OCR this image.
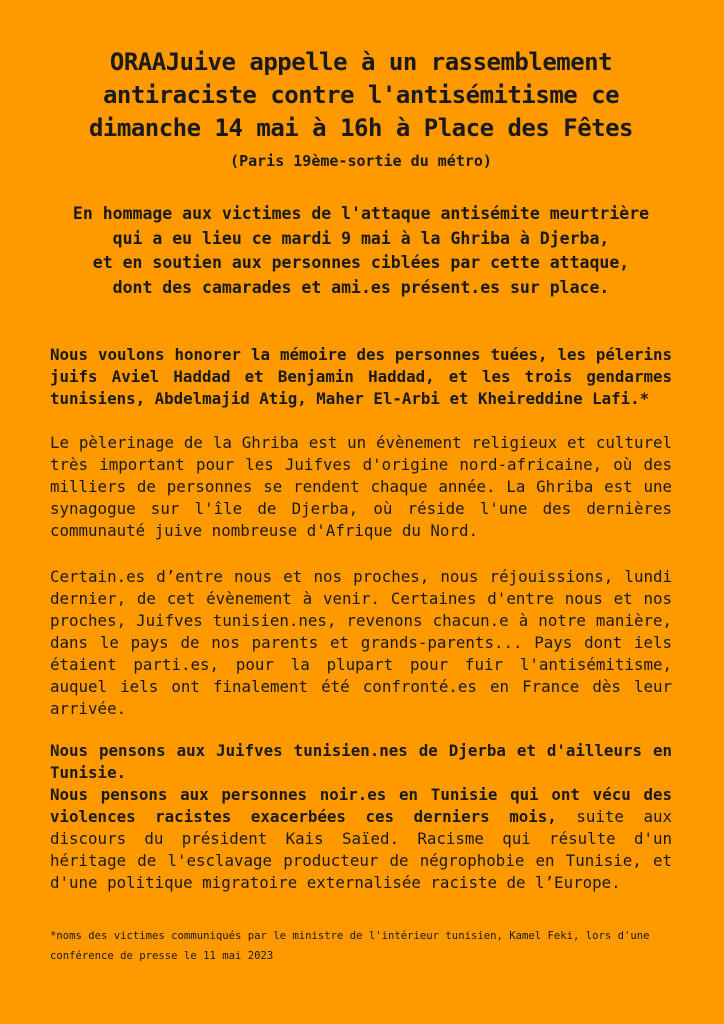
ORAAJuive appelle à un rassemblement
antiraciste contre l'antisémitisme ce
dimanche 14 mai à 16h à Place des Fêtes
(Paris 19ème-sortie du métro)
En hommage aux victimes de l'attaque antisémite meurtrière
qui a eu lieu ce mardi 9 mai à la Ghriba à Djerba,
et en soutien aux personnes ciblées par cette attaque,
dont des camarades et ami.es présent.es sur place.

Nous voulons honorer la mémoire des personnes tuées, les pélerins juifs Aviel Haddad et Benjamin Haddad, et les trois gendarmes tunisiens, Abdelmajid Atig, Maher El-Arbi et Kheireddine Lafi.*

Le pèlerinage de la Ghriba est un évènement religieux et culturel très important pour les Juifves d'origine nord-africaine, où des milliers de personnes se rendent chaque année. La Ghriba est une synagogue sur l'île de Djerba, où réside l'une des dernières communauté juive nombreuse d'Afrique du Nord.

Certain.es d’entre nous et nos proches, nous réjouissions, lundi dernier, de cet évènement à venir. Certaines d'entre nous et nos proches, Juifves tunisien.nes, revenons chacun.e à notre manière, dans le pays de nos parents et grands-parents... Pays dont iels étaient parti.es, pour la plupart pour fuir l'antisémitisme, auquel iels ont finalement été confronté.es en France dès leur arrivée.

Nous pensons aux Juifves tunisien.nes de Djerba et d'ailleurs en Tunisie.

Nous pensons aux personnes noir.es en Tunisie qui ont vécu des violences racistes exacerbées ces derniers mois, suite aux discours du président Kais Saïed. Racisme qui résulte d'un héritage de l'esclavage producteur de négrophobie en Tunisie, et d'une politique migratoire externalisée raciste de l’Europe.

*noms des victimes communiqués par le ministre de l'intérieur tunisien, Kamel Feki, lors d'une conférence de presse le 11 mai 2023
